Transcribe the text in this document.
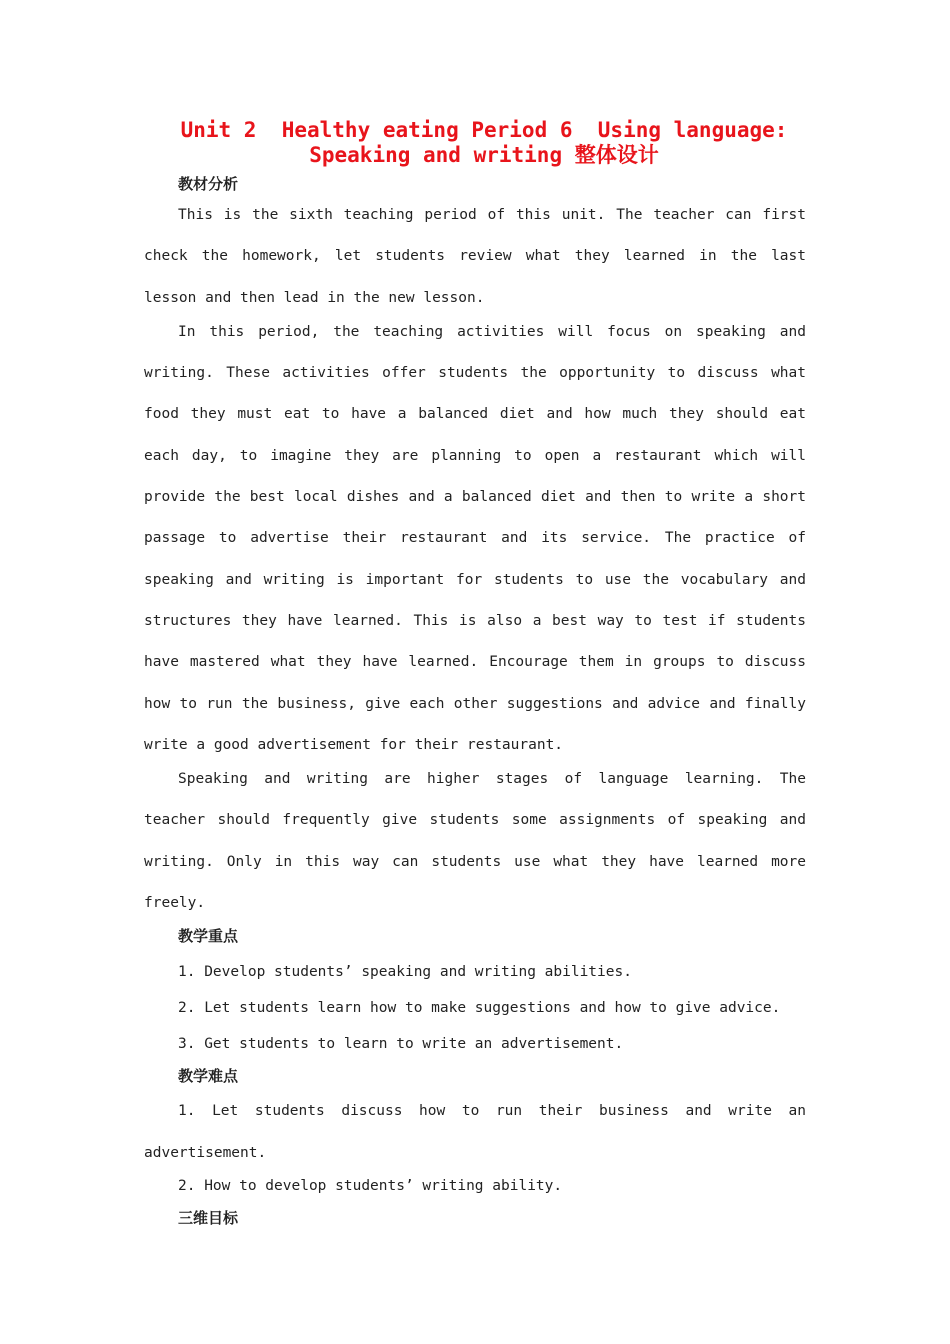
Unit 2  Healthy eating Period 6  Using language:
Speaking and writing 整体设计
教材分析

This is the sixth teaching period of this unit. The teacher can first check the homework, let students review what they learned in the last lesson and then lead in the new lesson.

In this period, the teaching activities will focus on speaking and writing. These activities offer students the opportunity to discuss what food they must eat to have a balanced diet and how much they should eat each day, to imagine they are planning to open a restaurant which will provide the best local dishes and a balanced diet and then to write a short passage to advertise their restaurant and its service. The practice of speaking and writing is important for students to use the vocabulary and structures they have learned. This is also a best way to test if students have mastered what they have learned. Encourage them in groups to discuss how to run the business, give each other suggestions and advice and finally write a good advertisement for their restaurant.

Speaking and writing are higher stages of language learning. The teacher should frequently give students some assignments of speaking and writing. Only in this way can students use what they have learned more freely.

教学重点

1. Develop students’ speaking and writing abilities.

2. Let students learn how to make suggestions and how to give advice.

3. Get students to learn to write an advertisement.

教学难点

1. Let students discuss how to run their business and write an advertisement.

2. How to develop students’ writing ability.

三维目标
